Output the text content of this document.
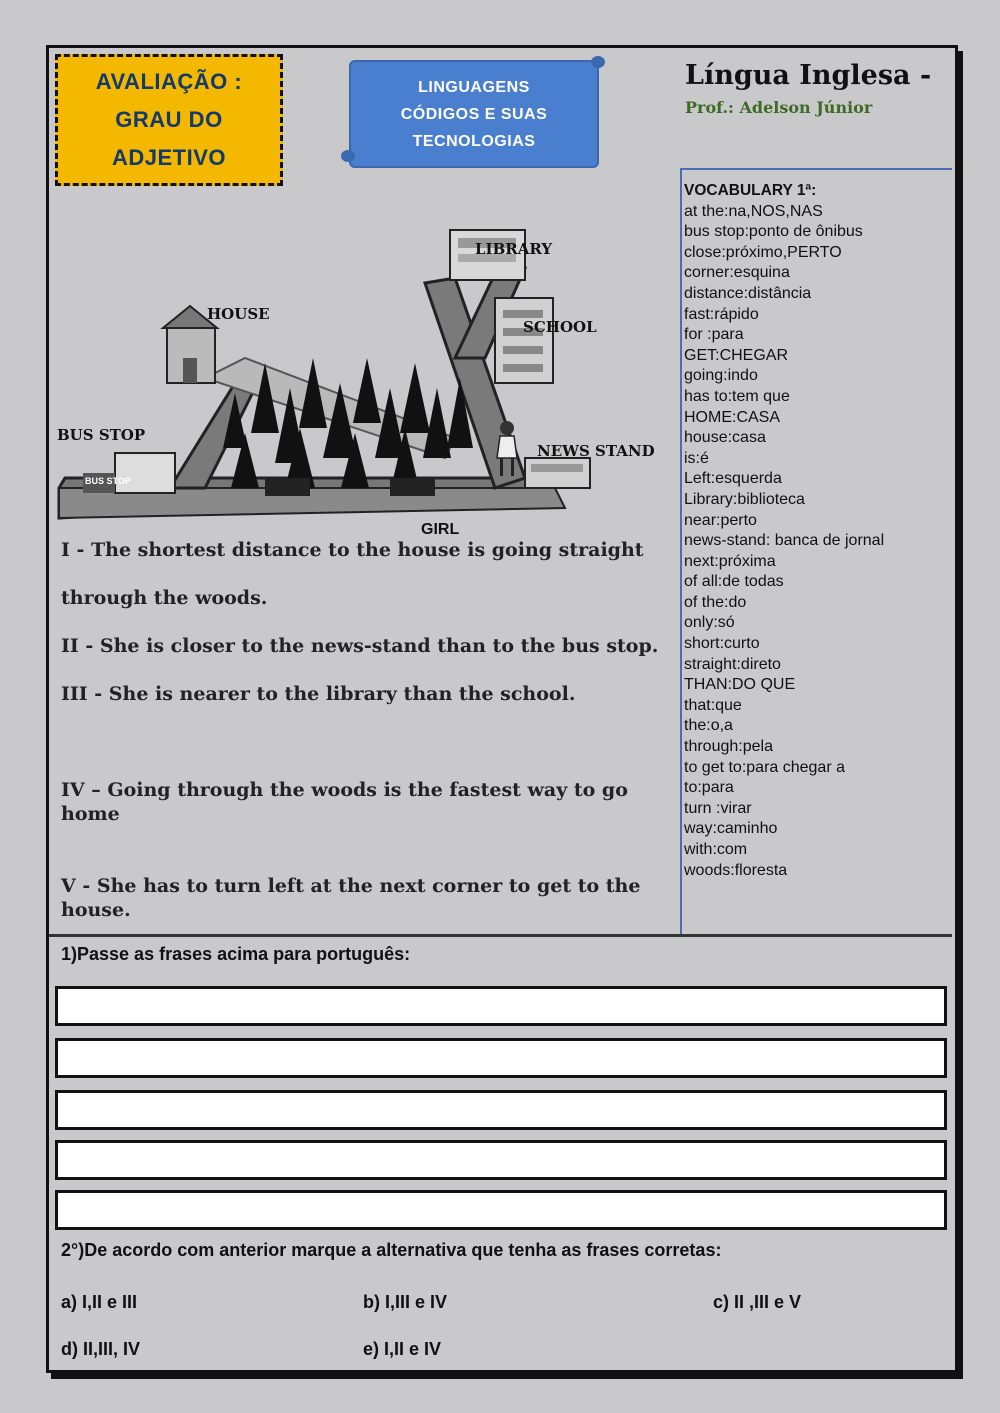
AVALIAÇÃO :
GRAU DO
ADJETIVO
LINGUAGENS
CÓDIGOS E SUAS
TECNOLOGIAS
Língua Inglesa -
Prof.: Adelson Júnior
LIBRARY
HOUSE
SCHOOL
BUS STOP
NEWS STAND
GIRL
BUS STOP
VOCABULARY 1ª:
at the:na,NOS,NAS
bus stop:ponto de ônibus
close:próximo,PERTO
corner:esquina
distance:distância
fast:rápido
for :para
GET:CHEGAR
going:indo
has to:tem que
HOME:CASA
house:casa
is:é
Left:esquerda
Library:biblioteca
near:perto
news-stand: banca de jornal
next:próxima
of all:de todas
of the:do
only:só
short:curto
straight:direto
THAN:DO QUE
that:que
the:o,a
through:pela
to get to:para chegar a
to:para
turn :virar
way:caminho
with:com
woods:floresta
I - The shortest distance to the house is going straight
through the woods.
II - She is closer to the news-stand than to the bus stop.
III - She is nearer to the library than the school.
IV – Going through the woods is the fastest way to go
home
V - She has to turn left at the next corner to get to the
house.
1)Passe as frases acima para português:
2°)De acordo com anterior marque a alternativa que tenha as frases corretas:
a) I,II e III	b) I,III e IV	c) II ,III e V
d) II,III, IV	e) I,II e IV
